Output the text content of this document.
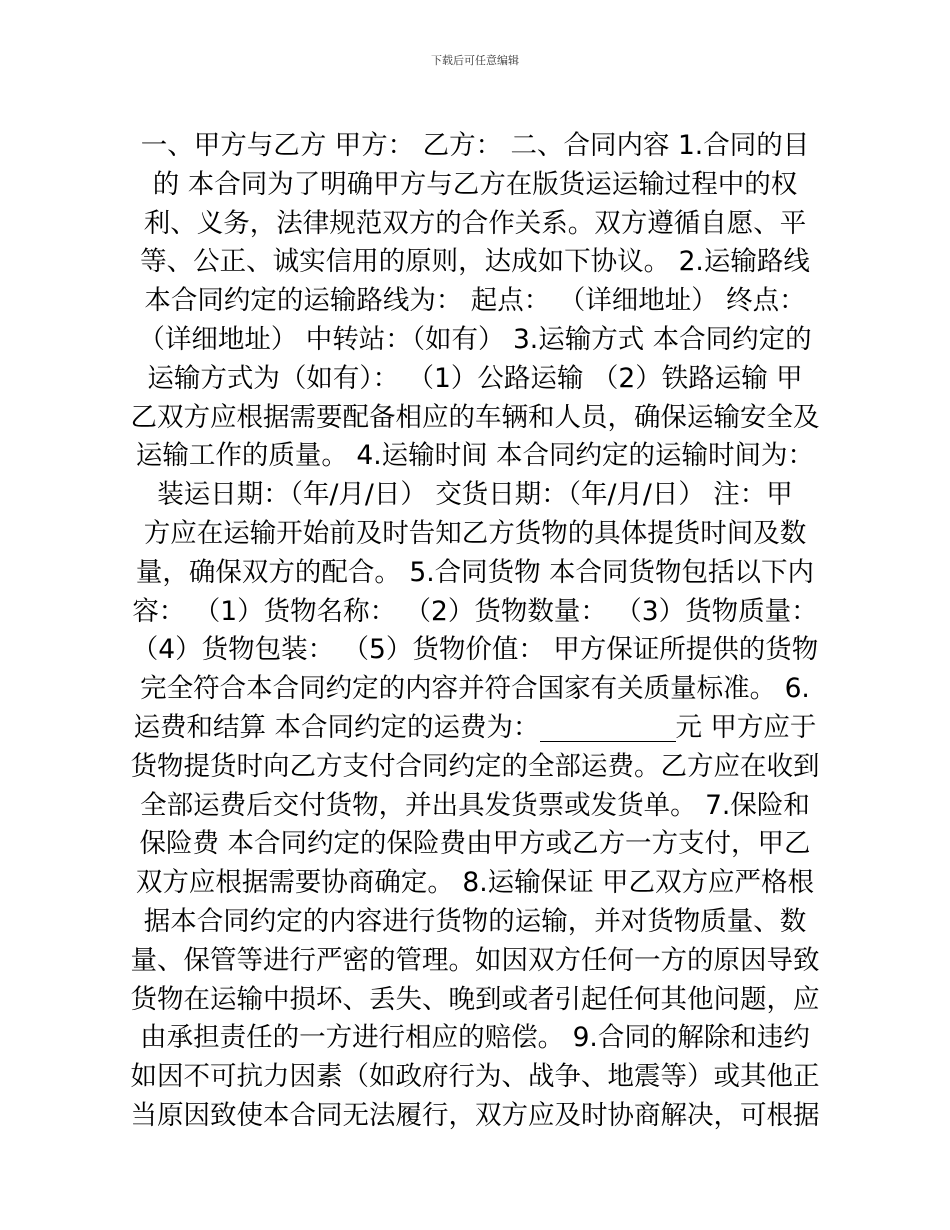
下载后可任意编辑
一、甲方与乙方 甲方： 乙方： 二、合同内容 1.合同的目
的 本合同为了明确甲方与乙方在版货运运输过程中的权
利、义务，法律规范双方的合作关系。双方遵循自愿、平
等、公正、诚实信用的原则，达成如下协议。 2.运输路线
本合同约定的运输路线为： 起点： （详细地址） 终点：
（详细地址） 中转站：（如有） 3.运输方式 本合同约定的
运输方式为（如有）： （1）公路运输 （2）铁路运输 甲
乙双方应根据需要配备相应的车辆和人员，确保运输安全及
运输工作的质量。 4.运输时间 本合同约定的运输时间为：
装运日期：（年/月/日） 交货日期：（年/月/日） 注：甲
方应在运输开始前及时告知乙方货物的具体提货时间及数
量，确保双方的配合。 5.合同货物 本合同货物包括以下内
容： （1）货物名称： （2）货物数量： （3）货物质量：
（4）货物包装： （5）货物价值： 甲方保证所提供的货物
完全符合本合同约定的内容并符合国家有关质量标准。 6.
运费和结算 本合同约定的运费为：	元 甲方应于
货物提货时向乙方支付合同约定的全部运费。乙方应在收到
全部运费后交付货物，并出具发货票或发货单。 7.保险和
保险费 本合同约定的保险费由甲方或乙方一方支付，甲乙
双方应根据需要协商确定。 8.运输保证 甲乙双方应严格根
据本合同约定的内容进行货物的运输，并对货物质量、数
量、保管等进行严密的管理。如因双方任何一方的原因导致
货物在运输中损坏、丢失、晚到或者引起任何其他问题，应
由承担责任的一方进行相应的赔偿。 9.合同的解除和违约
如因不可抗力因素（如政府行为、战争、地震等）或其他正
当原因致使本合同无法履行，双方应及时协商解决，可根据
